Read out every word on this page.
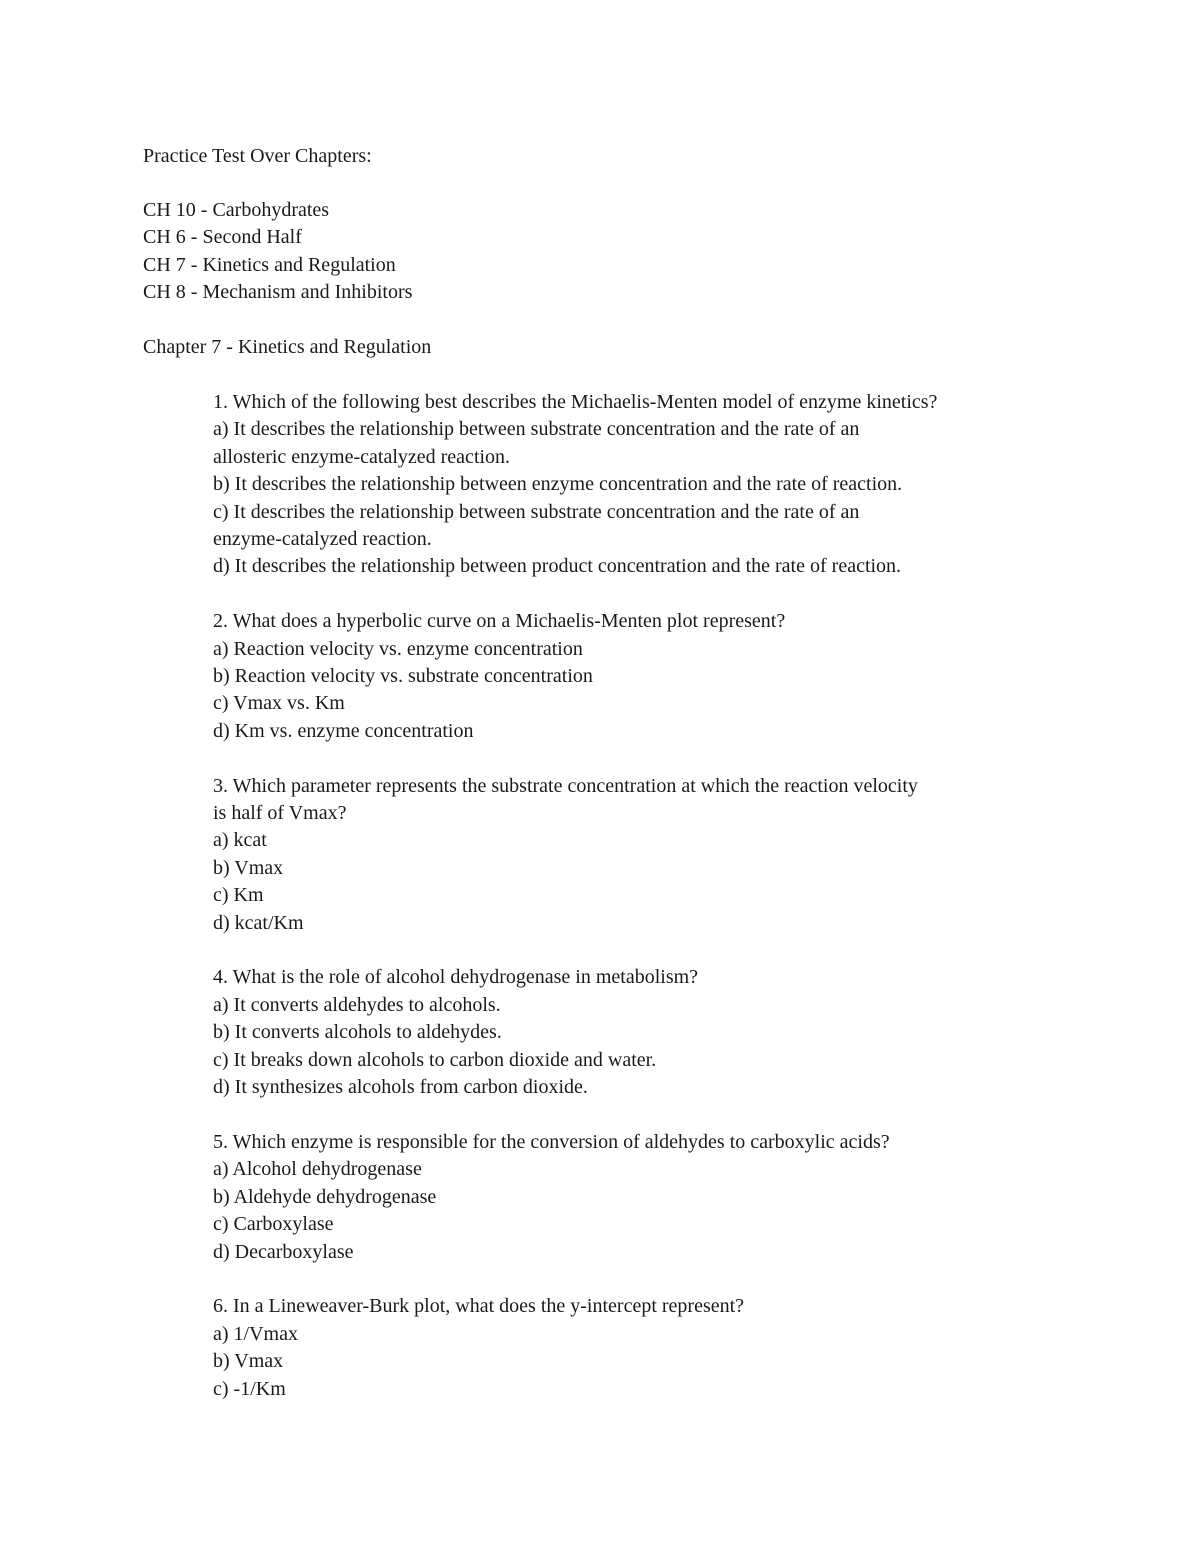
Practice Test Over Chapters:

CH 10 - Carbohydrates

CH 6 - Second Half

CH 7 - Kinetics and Regulation

CH 8 - Mechanism and Inhibitors

Chapter 7 - Kinetics and Regulation

1. Which of the following best describes the Michaelis-Menten model of enzyme kinetics?

a) It describes the relationship between substrate concentration and the rate of an

allosteric enzyme-catalyzed reaction.

b) It describes the relationship between enzyme concentration and the rate of reaction.

c) It describes the relationship between substrate concentration and the rate of an

enzyme-catalyzed reaction.

d) It describes the relationship between product concentration and the rate of reaction.

2. What does a hyperbolic curve on a Michaelis-Menten plot represent?

a) Reaction velocity vs. enzyme concentration

b) Reaction velocity vs. substrate concentration

c) Vmax vs. Km

d) Km vs. enzyme concentration

3. Which parameter represents the substrate concentration at which the reaction velocity

is half of Vmax?

a) kcat

b) Vmax

c) Km

d) kcat/Km

4. What is the role of alcohol dehydrogenase in metabolism?

a) It converts aldehydes to alcohols.

b) It converts alcohols to aldehydes.

c) It breaks down alcohols to carbon dioxide and water.

d) It synthesizes alcohols from carbon dioxide.

5. Which enzyme is responsible for the conversion of aldehydes to carboxylic acids?

a) Alcohol dehydrogenase

b) Aldehyde dehydrogenase

c) Carboxylase

d) Decarboxylase

6. In a Lineweaver-Burk plot, what does the y-intercept represent?

a) 1/Vmax

b) Vmax

c) -1/Km
